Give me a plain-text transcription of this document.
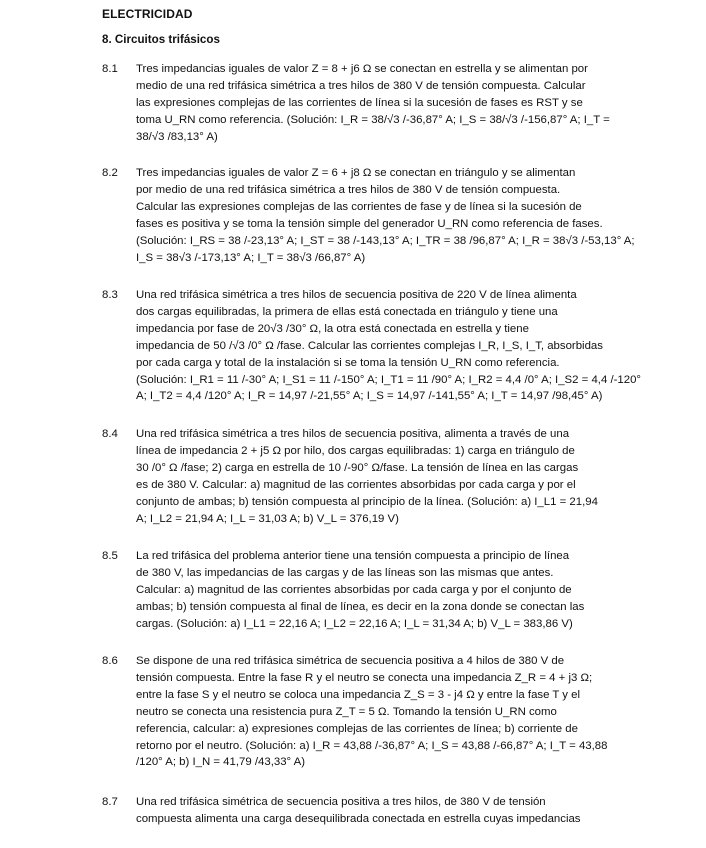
ELECTRICIDAD
8. Circuitos trifásicos
8.1	Tres impedancias iguales de valor Z = 8 + j6 Ω se conectan en estrella y se alimentan por
medio de una red trifásica simétrica a tres hilos de 380 V de tensión compuesta. Calcular
las expresiones complejas de las corrientes de línea si la sucesión de fases es RST y se
toma U_RN como referencia. (Solución: I_R = 38/√3 /-36,87° A; I_S = 38/√3 /-156,87° A; I_T =
38/√3 /83,13° A)
8.2	Tres impedancias iguales de valor Z = 6 + j8 Ω se conectan en triángulo y se alimentan
por medio de una red trifásica simétrica a tres hilos de 380 V de tensión compuesta.
Calcular las expresiones complejas de las corrientes de fase y de línea si la sucesión de
fases es positiva y se toma la tensión simple del generador U_RN como referencia de fases.
(Solución: I_RS = 38 /-23,13° A; I_ST = 38 /-143,13° A; I_TR = 38 /96,87° A; I_R = 38√3 /-53,13° A;
I_S = 38√3 /-173,13° A; I_T = 38√3 /66,87° A)
8.3	Una red trifásica simétrica a tres hilos de secuencia positiva de 220 V de línea alimenta
dos cargas equilibradas, la primera de ellas está conectada en triángulo y tiene una
impedancia por fase de 20√3 /30° Ω, la otra está conectada en estrella y tiene
impedancia de 50 /√3 /0° Ω /fase. Calcular las corrientes complejas I_R, I_S, I_T, absorbidas
por cada carga y total de la instalación si se toma la tensión U_RN como referencia.
(Solución: I_R1 = 11 /-30° A; I_S1 = 11 /-150° A; I_T1 = 11 /90° A; I_R2 = 4,4 /0° A; I_S2 = 4,4 /-120°
A; I_T2 = 4,4 /120° A; I_R = 14,97 /-21,55° A; I_S = 14,97 /-141,55° A; I_T = 14,97 /98,45° A)
8.4	Una red trifásica simétrica a tres hilos de secuencia positiva, alimenta a través de una
línea de impedancia 2 + j5 Ω por hilo, dos cargas equilibradas: 1) carga en triángulo de
30 /0° Ω /fase; 2) carga en estrella de 10 /-90° Ω/fase. La tensión de línea en las cargas
es de 380 V. Calcular: a) magnitud de las corrientes absorbidas por cada carga y por el
conjunto de ambas; b) tensión compuesta al principio de la línea. (Solución: a) I_L1 = 21,94
A; I_L2 = 21,94 A; I_L = 31,03 A; b) V_L = 376,19 V)
8.5	La red trifásica del problema anterior tiene una tensión compuesta a principio de línea
de 380 V, las impedancias de las cargas y de las líneas son las mismas que antes.
Calcular: a) magnitud de las corrientes absorbidas por cada carga y por el conjunto de
ambas; b) tensión compuesta al final de línea, es decir en la zona donde se conectan las
cargas. (Solución: a) I_L1 = 22,16 A; I_L2 = 22,16 A; I_L = 31,34 A; b) V_L = 383,86 V)
8.6	Se dispone de una red trifásica simétrica de secuencia positiva a 4 hilos de 380 V de
tensión compuesta. Entre la fase R y el neutro se conecta una impedancia Z_R = 4 + j3 Ω;
entre la fase S y el neutro se coloca una impedancia Z_S = 3 - j4 Ω y entre la fase T y el
neutro se conecta una resistencia pura Z_T = 5 Ω. Tomando la tensión U_RN como
referencia, calcular: a) expresiones complejas de las corrientes de línea; b) corriente de
retorno por el neutro. (Solución: a) I_R = 43,88 /-36,87° A; I_S = 43,88 /-66,87° A; I_T = 43,88
/120° A; b) I_N = 41,79 /43,33° A)
8.7	Una red trifásica simétrica de secuencia positiva a tres hilos, de 380 V de tensión
compuesta alimenta una carga desequilibrada conectada en estrella cuyas impedancias
